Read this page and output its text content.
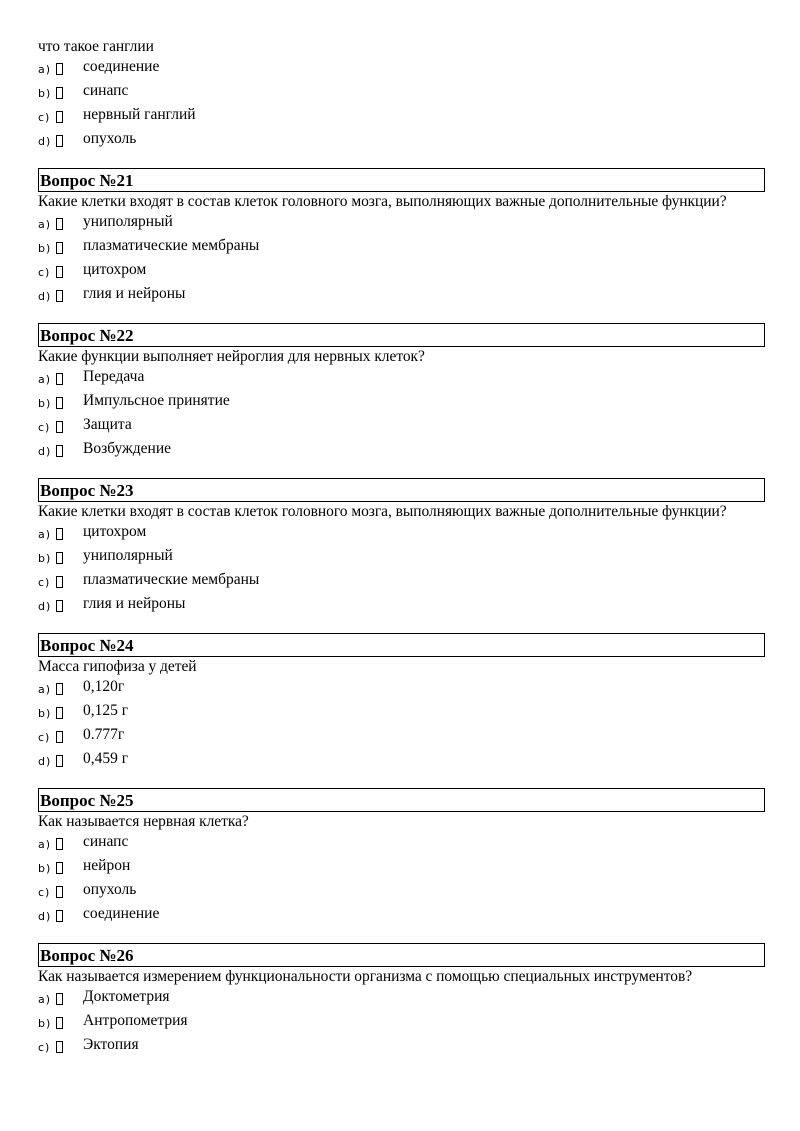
что такое ганглии
a) соединение
b) синапс
c) нервный ганглий
d) опухоль
Вопрос №21
Какие клетки входят в состав клеток головного мозга, выполняющих важные дополнительные функции?
a) униполярный
b) плазматические мембраны
c) цитохром
d) глия и нейроны
Вопрос №22
Какие функции выполняет нейроглия для нервных клеток?
a) Передача
b) Импульсное принятие
c) Защита
d) Возбуждение
Вопрос №23
Какие клетки входят в состав клеток головного мозга, выполняющих важные дополнительные функции?
a) цитохром
b) униполярный
c) плазматические мембраны
d) глия и нейроны
Вопрос №24
Масса гипофиза у детей
a) 0,120г
b) 0,125 г
c) 0.777г
d) 0,459 г
Вопрос №25
Как называется нервная клетка?
a) синапс
b) нейрон
c) опухоль
d) соединение
Вопрос №26
Как называется измерением функциональности организма с помощью специальных инструментов?
a) Доктометрия
b) Антропометрия
c) Эктопия
